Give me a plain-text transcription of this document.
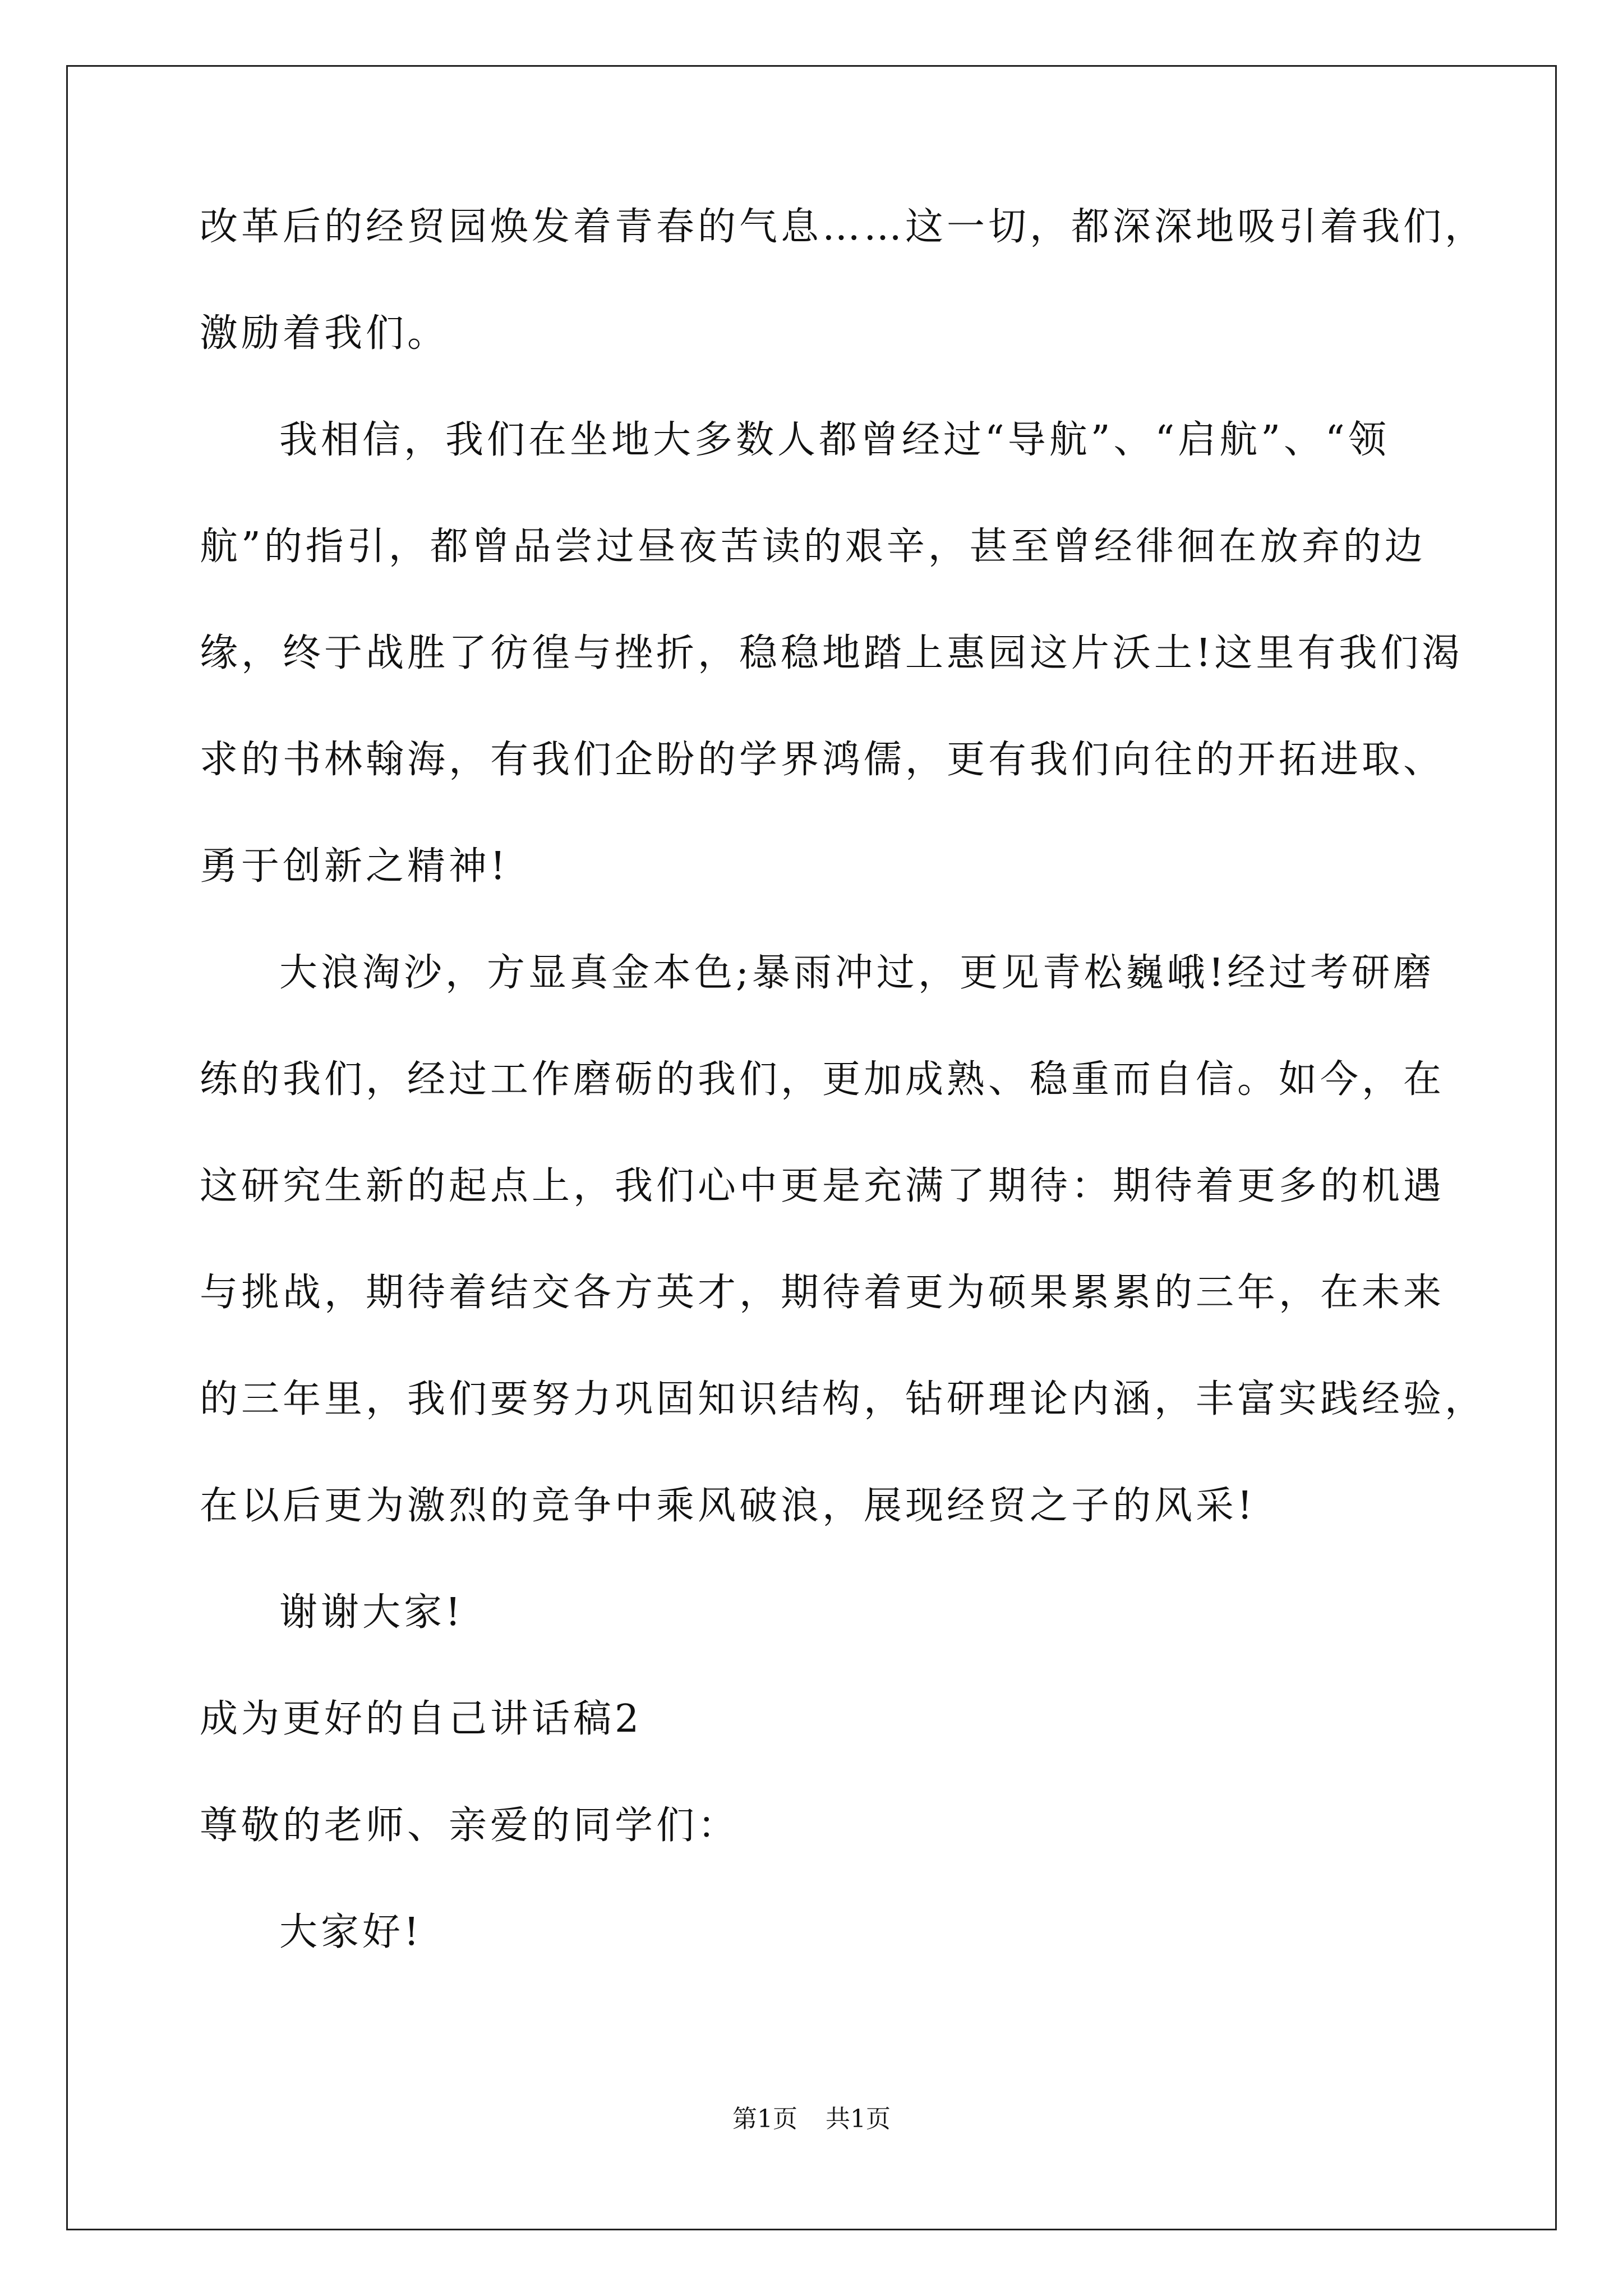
改革后的经贸园焕发着青春的气息……这一切，都深深地吸引着我们，
激励着我们。
我相信，我们在坐地大多数人都曾经过“导航”、“启航”、“领
航”的指引，都曾品尝过昼夜苦读的艰辛，甚至曾经徘徊在放弃的边
缘，终于战胜了彷徨与挫折，稳稳地踏上惠园这片沃土!这里有我们渴
求的书林翰海，有我们企盼的学界鸿儒，更有我们向往的开拓进取、
勇于创新之精神!
大浪淘沙，方显真金本色;暴雨冲过，更见青松巍峨!经过考研磨
练的我们，经过工作磨砺的我们，更加成熟、稳重而自信。如今，在
这研究生新的起点上，我们心中更是充满了期待：期待着更多的机遇
与挑战，期待着结交各方英才，期待着更为硕果累累的三年，在未来
的三年里，我们要努力巩固知识结构，钻研理论内涵，丰富实践经验，
在以后更为激烈的竞争中乘风破浪，展现经贸之子的风采!
谢谢大家!
成为更好的自己讲话稿2
尊敬的老师、亲爱的同学们：
大家好!
第1页 共1页
